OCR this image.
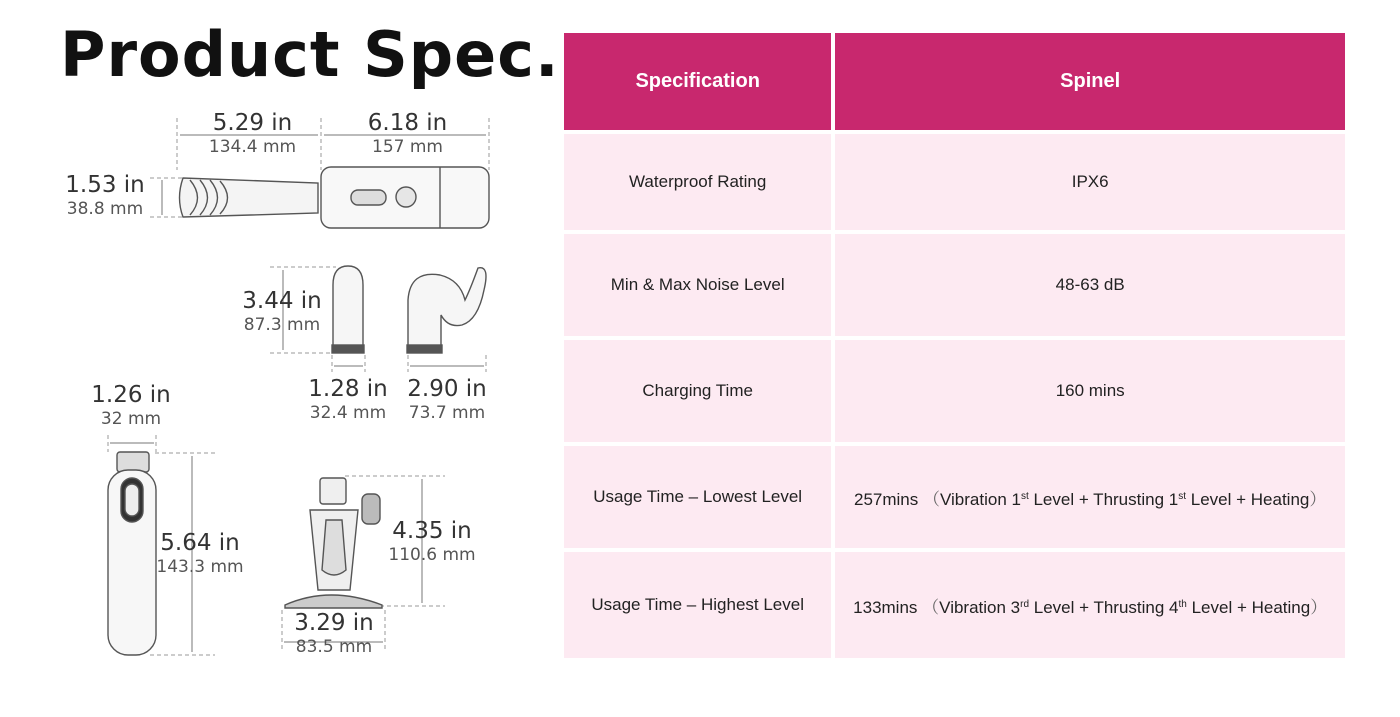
Product Spec.
5.29 in
134.4 mm
6.18 in
157 mm
1.53 in
38.8 mm
3.44 in
87.3 mm
1.28 in
32.4 mm
2.90 in
73.7 mm
1.26 in
32 mm
5.64 in
143.3 mm
4.35 in
110.6 mm
3.29 in
83.5 mm
Specification	Spinel
Waterproof Rating	IPX6
Min & Max Noise Level	48-63 dB
Charging Time	160 mins
Usage Time – Lowest Level	257mins （Vibration 1st Level + Thrusting 1st Level + Heating）
Usage Time – Highest Level	133mins （Vibration 3rd Level + Thrusting 4th Level + Heating）
